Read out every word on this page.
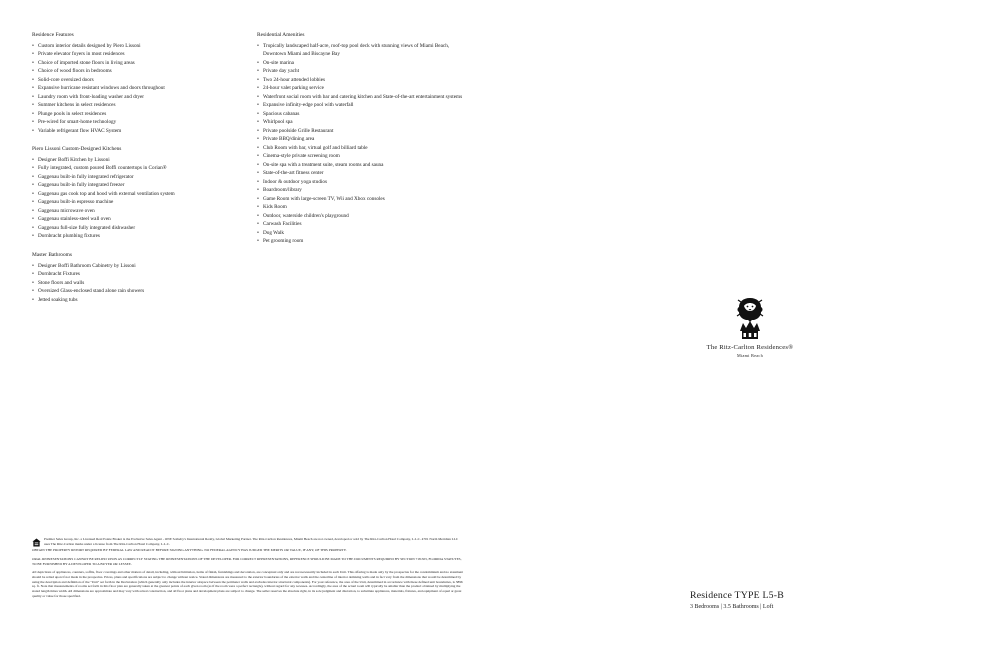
Residence Features
• Custom interior details designed by Piero Lissoni
• Private elevator foyers in most residences
• Choice of imported stone floors in living areas
• Choice of wood floors in bedrooms
• Solid-core oversized doors
• Expansive hurricane resistant windows and doors throughout
• Laundry room with front-loading washer and dryer
• Summer kitchens in select residences
• Plunge pools in select residences
• Pre-wired for smart-home technology
• Variable refrigerant flow HVAC System
Piero Lissoni Custom-Designed Kitchens
• Designer Boffi Kitchen by Lissoni
• Fully integrated, custom poured Boffi countertops in Corian®
• Gaggenau built-in fully integrated refrigerator
• Gaggenau built-in fully integrated freezer
• Gaggenau gas cook top and hood with external ventilation system
• Gaggenau built-in espresso machine
• Gaggenau microwave oven
• Gaggenau stainless-steel wall oven
• Gaggenau full-size fully integrated dishwasher
• Dornbracht plumbing fixtures
Master Bathrooms
• Designer Boffi Bathroom Cabinetry by Lissoni
• Dornbracht Fixtures
• Stone floors and walls
• Oversized Glass-enclosed stand alone rain showers
• Jetted soaking tubs
Residential Amenities
• Tropically landscaped half-acre, roof-top pool deck with stunning views of Miami Beach, Downtown Miami and Biscayne Bay
• On-site marina
• Private day yacht
• Two 24-hour attended lobbies
• 24-hour valet parking service
• Waterfront social room with bar and catering kitchen and State-of-the-art entertainment systems
• Expansive infinity-edge pool with waterfall
• Spacious cabanas
• Whirlpool spa
• Private poolside Grille Restaurant
• Private BBQ/dining area
• Club Room with bar, virtual golf and billiard table
• Cinema-style private screening room
• On-site spa with a treatment suite, steam rooms and sauna
• State-of-the-art fitness center
• Indoor & outdoor yoga studios
• Boardroom/library
• Game Room with large-screen TV, Wii and Xbox consoles
• Kids Room
• Outdoor, waterside children's playground
• Carwash Facilities
• Dog Walk
• Pet grooming room
The Ritz-Carlton Residences®
Miami Beach
Residence TYPE L5-B
3 Bedrooms | 3.5 Bathrooms | Loft

Premier Sales Group, Inc. a Licensed Real Estate Broker is the Exclusive Sales Agent - ONE Sotheby's International Realty, Global Marketing Partner. The Ritz-Carlton Residences, Miami Beach are not owned, developed or sold by The Ritz-Carlton Hotel Company, L.L.C. 4701 North Meridian LLC uses The Ritz-Carlton marks under a license from The Ritz-Carlton Hotel Company, L.L.C.

OBTAIN THE PROPERTY REPORT REQUIRED BY FEDERAL LAW AND READ IT BEFORE SIGNING ANYTHING. NO FEDERAL AGENCY HAS JUDGED THE MERITS OR VALUE, IF ANY, OF THIS PROPERTY.

ORAL REPRESENTATIONS CANNOT BE RELIED UPON AS CORRECTLY STATING THE REPRESENTATIONS OF THE DEVELOPER. FOR CORRECT REPRESENTATIONS, REFERENCE SHOULD BE MADE TO THE DOCUMENTS REQUIRED BY SECTION 718.503, FLORIDA STATUTES, TO BE FURNISHED BY A DEVELOPER TO A BUYER OR LESSEE.

All depictions of appliances, counters, soffits, floor coverings and other matters of detail, including, without limitation, items of finish, furnishings and decoration, are conceptual only and are not necessarily included in each Unit. This offering is made only by the prospectus for the condominium and no statement should be relied upon if not made in the prospectus. Prices, plans and specifications are subject to change without notice. Stated dimensions are measured to the exterior boundaries of the exterior walls and the centerline of interior demising walls and in fact vary from the dimensions that would be determined by using the description and definition of the "Unit" set forth in the Declaration (which generally only includes the interior airspace between the perimeter walls and excludes interior structural components). For your reference, the area of the Unit, determined in accordance with these defined unit boundaries, is 3896 sq. ft. Note that measurements of rooms set forth in this floor plan are generally taken at the greatest points of each given room (as if the room were a perfect rectangle), without regard for any recesses. Accordingly, the area of the actual room will typically be smaller than the product obtained by multiplying the stated length times width. All dimensions are approximate and may vary with actual construction, and all floor plans and development plans are subject to change. The seller reserves the absolute right, in its sole judgment and discretion, to substitute appliances, materials, fixtures, and equipment of equal or great quality or value for those specified.
